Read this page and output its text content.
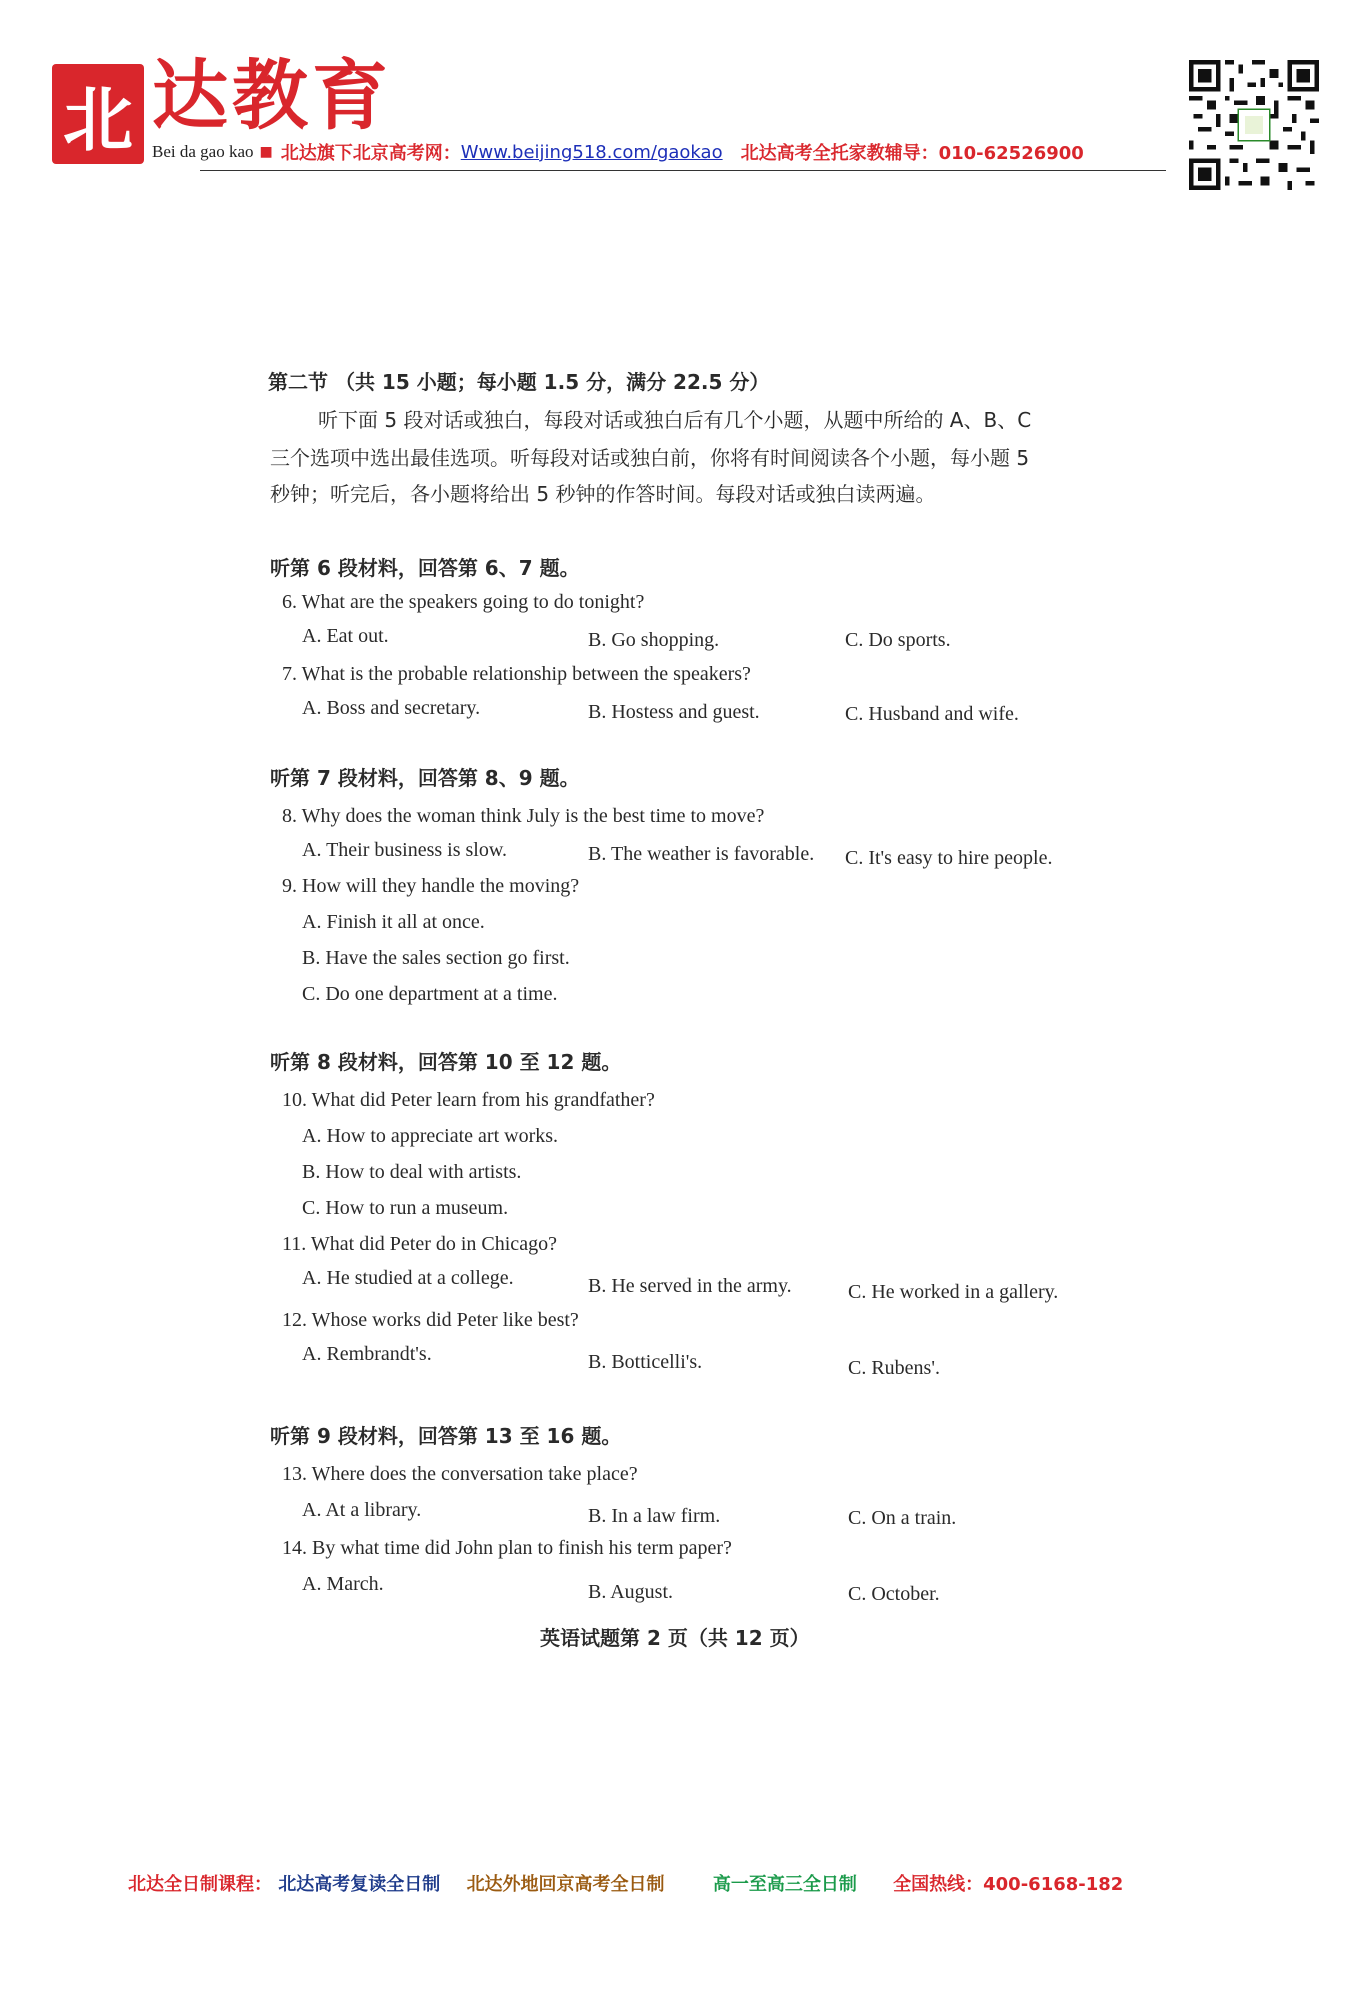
北 达教育
Bei da gao kao ■ 北达旗下北京高考网： Www.beijing518.com/gaokao 北达高考全托家教辅导：010-62526900
第二节 （共 15 小题；每小题 1.5 分，满分 22.5 分）
听下面 5 段对话或独白，每段对话或独白后有几个小题，从题中所给的 A、B、C
三个选项中选出最佳选项。听每段对话或独白前，你将有时间阅读各个小题，每小题 5
秒钟；听完后，各小题将给出 5 秒钟的作答时间。每段对话或独白读两遍。
听第 6 段材料，回答第 6、7 题。
6. What are the speakers going to do tonight?
A. Eat out.	B. Go shopping.	C. Do sports.
7. What is the probable relationship between the speakers?
A. Boss and secretary.	B. Hostess and guest.	C. Husband and wife.
听第 7 段材料，回答第 8、9 题。
8. Why does the woman think July is the best time to move?
A. Their business is slow.	B. The weather is favorable. C. It's easy to hire people.
9. How will they handle the moving?
A. Finish it all at once.
B. Have the sales section go first.
C. Do one department at a time.
听第 8 段材料，回答第 10 至 12 题。
10. What did Peter learn from his grandfather?
A. How to appreciate art works.
B. How to deal with artists.
C. How to run a museum.
11. What did Peter do in Chicago?
A. He studied at a college.	B. He served in the army.	C. He worked in a gallery.
12. Whose works did Peter like best?
A. Rembrandt's.	B. Botticelli's.	C. Rubens'.
听第 9 段材料，回答第 13 至 16 题。
13. Where does the conversation take place?
A. At a library.	B. In a law firm.	C. On a train.
14. By what time did John plan to finish his term paper?
A. March.	B. August.	C. October.
英语试题第 2 页（共 12 页）
北达全日制课程： 北达高考复读全日制 北达外地回京高考全日制	高一至高三全日制 全国热线：400-6168-182
